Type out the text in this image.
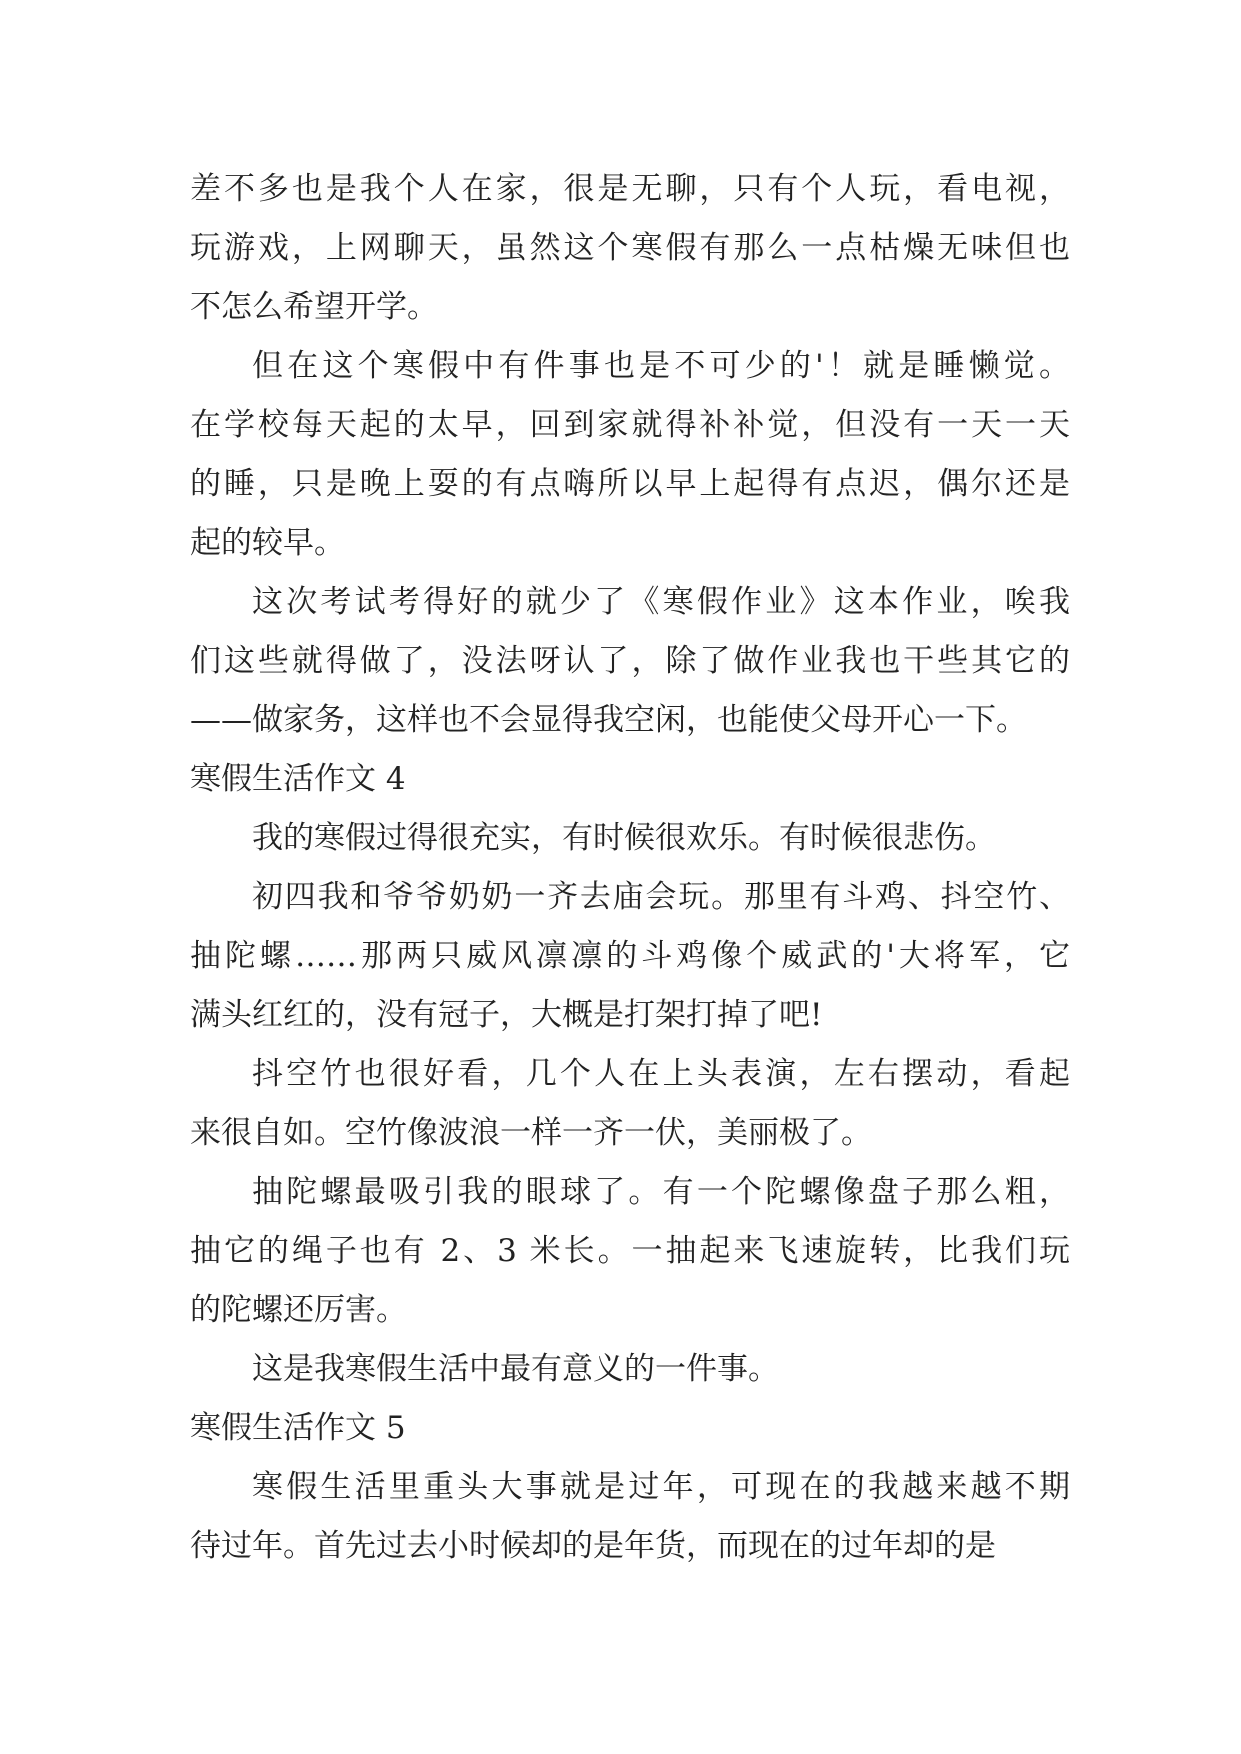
差不多也是我个人在家，很是无聊，只有个人玩，看电视，
玩游戏，上网聊天，虽然这个寒假有那么一点枯燥无味但也
不怎么希望开学。
但在这个寒假中有件事也是不可少的'！就是睡懒觉。
在学校每天起的太早，回到家就得补补觉，但没有一天一天
的睡，只是晚上耍的有点嗨所以早上起得有点迟，偶尔还是
起的较早。
这次考试考得好的就少了《寒假作业》这本作业，唉我
们这些就得做了，没法呀认了，除了做作业我也干些其它的
——做家务，这样也不会显得我空闲，也能使父母开心一下。
寒假生活作文 4
我的寒假过得很充实，有时候很欢乐。有时候很悲伤。
初四我和爷爷奶奶一齐去庙会玩。那里有斗鸡、抖空竹、
抽陀螺……那两只威风凛凛的斗鸡像个威武的'大将军，它
满头红红的，没有冠子，大概是打架打掉了吧!
抖空竹也很好看，几个人在上头表演，左右摆动，看起
来很自如。空竹像波浪一样一齐一伏，美丽极了。
抽陀螺最吸引我的眼球了。有一个陀螺像盘子那么粗，
抽它的绳子也有 2、3 米长。一抽起来飞速旋转，比我们玩
的陀螺还厉害。
这是我寒假生活中最有意义的一件事。
寒假生活作文 5
寒假生活里重头大事就是过年，可现在的我越来越不期
待过年。首先过去小时候却的是年货，而现在的过年却的是
